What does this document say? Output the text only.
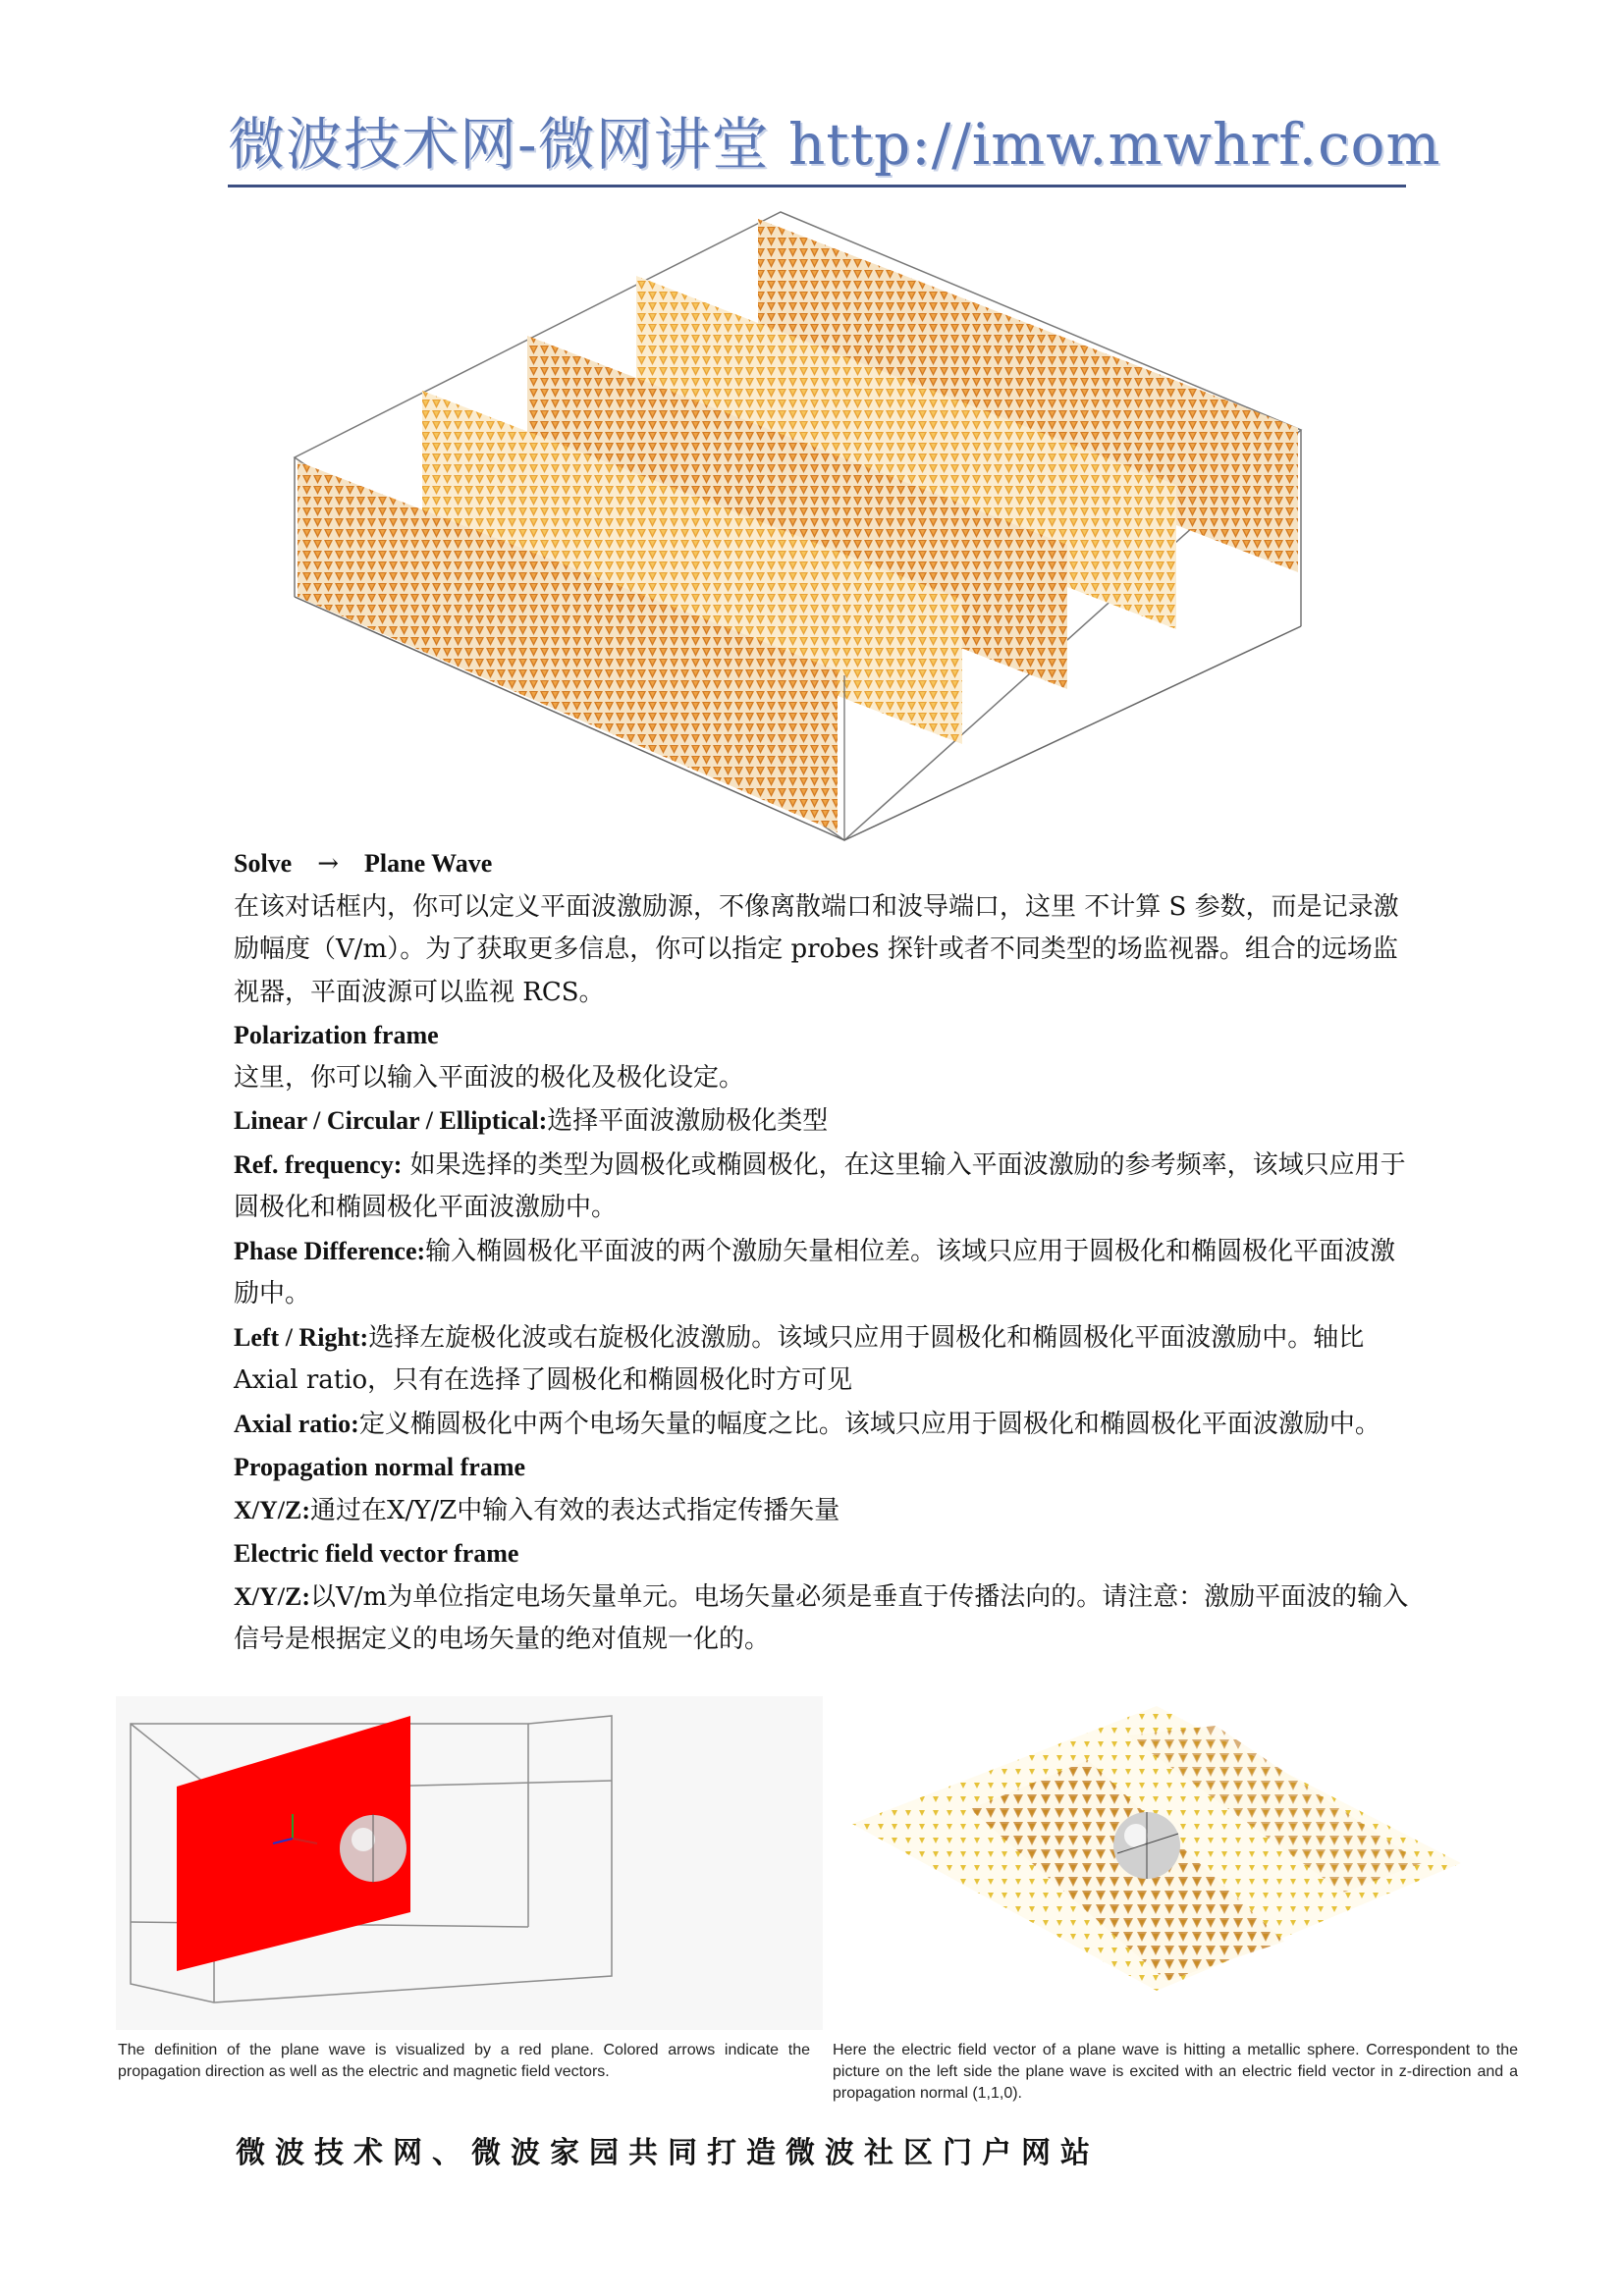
微波技术网-微网讲堂 http://imw.mwhrf.com

Solve → Plane Wave

在该对话框内，你可以定义平面波激励源，不像离散端口和波导端口，这里 不计算 S 参数，而是记录激励幅度（V/m）。为了获取更多信息，你可以指定 probes 探针或者不同类型的场监视器。组合的远场监视器，平面波源可以监视 RCS。

Polarization frame

这里，你可以输入平面波的极化及极化设定。

Linear / Circular / Elliptical:选择平面波激励极化类型

Ref. frequency: 如果选择的类型为圆极化或椭圆极化，在这里输入平面波激励的参考频率，该域只应用于圆极化和椭圆极化平面波激励中。

Phase Difference:输入椭圆极化平面波的两个激励矢量相位差。该域只应用于圆极化和椭圆极化平面波激励中。

Left / Right:选择左旋极化波或右旋极化波激励。该域只应用于圆极化和椭圆极化平面波激励中。轴比Axial ratio，只有在选择了圆极化和椭圆极化时方可见

Axial ratio:定义椭圆极化中两个电场矢量的幅度之比。该域只应用于圆极化和椭圆极化平面波激励中。

Propagation normal frame

X/Y/Z:通过在X/Y/Z中输入有效的表达式指定传播矢量

Electric field vector frame

X/Y/Z:以V/m为单位指定电场矢量单元。电场矢量必须是垂直于传播法向的。请注意：激励平面波的输入信号是根据定义的电场矢量的绝对值规一化的。

The definition of the plane wave is visualized by a red plane. Colored arrows indicate the propagation direction as well as the electric and magnetic field vectors.
Here the electric field vector of a plane wave is hitting a metallic sphere. Correspondent to the picture on the left side the plane wave is excited with an electric field vector in z-direction and a propagation normal (1,1,0).
微波技术网、微波家园共同打造微波社区门户网站
